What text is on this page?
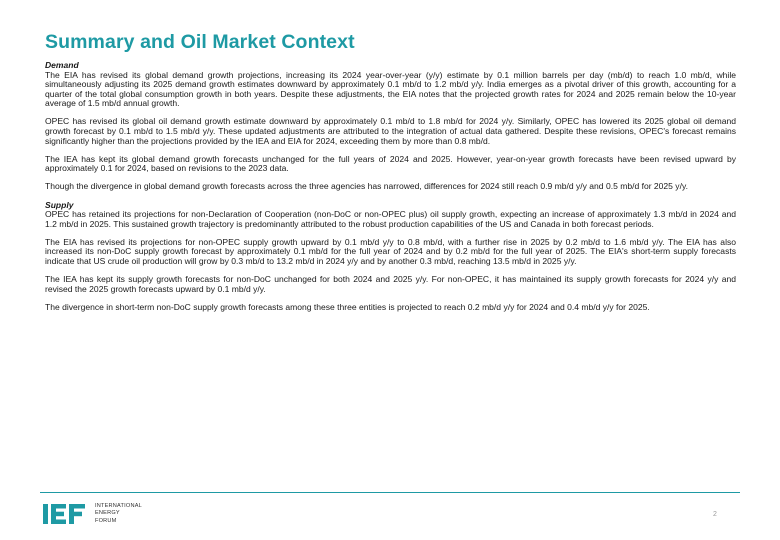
Summary and Oil Market Context

Demand

The EIA has revised its global demand growth projections, increasing its 2024 year-over-year (y/y) estimate by 0.1 million barrels per day (mb/d) to reach 1.0 mb/d, while simultaneously adjusting its 2025 demand growth estimates downward by approximately 0.1 mb/d to 1.2 mb/d y/y. India emerges as a pivotal driver of this growth, accounting for a quarter of the total global consumption growth in both years. Despite these adjustments, the EIA notes that the projected growth rates for 2024 and 2025 remain below the 10-year average of 1.5 mb/d annual growth.

OPEC has revised its global oil demand growth estimate downward by approximately 0.1 mb/d to 1.8 mb/d for 2024 y/y. Similarly, OPEC has lowered its 2025 global oil demand growth forecast by 0.1 mb/d to 1.5 mb/d y/y. These updated adjustments are attributed to the integration of actual data gathered. Despite these revisions, OPEC's forecast remains significantly higher than the projections provided by the IEA and EIA for 2024, exceeding them by more than 0.8 mb/d.

The IEA has kept its global demand growth forecasts unchanged for the full years of 2024 and 2025. However, year-on-year growth forecasts have been revised upward by approximately 0.1 for 2024, based on revisions to the 2023 data.

Though the divergence in global demand growth forecasts across the three agencies has narrowed, differences for 2024 still reach 0.9 mb/d y/y and 0.5 mb/d for 2025 y/y.

Supply

OPEC has retained its projections for non-Declaration of Cooperation (non-DoC or non-OPEC plus) oil supply growth, expecting an increase of approximately 1.3 mb/d in 2024 and 1.2 mb/d in 2025. This sustained growth trajectory is predominantly attributed to the robust production capabilities of the US and Canada in both forecast periods.

The EIA has revised its projections for non-OPEC supply growth upward by 0.1 mb/d y/y to 0.8 mb/d, with a further rise in 2025 by 0.2 mb/d to 1.6 mb/d y/y. The EIA has also increased its non-DoC supply growth forecast by approximately 0.1 mb/d for the full year of 2024 and by 0.2 mb/d for the full year of 2025. The EIA's short-term supply forecasts indicate that US crude oil production will grow by 0.3 mb/d to 13.2 mb/d in 2024 y/y and by another 0.3 mb/d, reaching 13.5 mb/d in 2025 y/y.

The IEA has kept its supply growth forecasts for non-DoC unchanged for both 2024 and 2025 y/y. For non-OPEC, it has maintained its supply growth forecasts for 2024 y/y and revised the 2025 growth forecasts upward by 0.1 mb/d y/y.

The divergence in short-term non-DoC supply growth forecasts among these three entities is projected to reach 0.2 mb/d y/y for 2024 and 0.4 mb/d y/y for 2025.

INTERNATIONAL
ENERGY
FORUM
2
